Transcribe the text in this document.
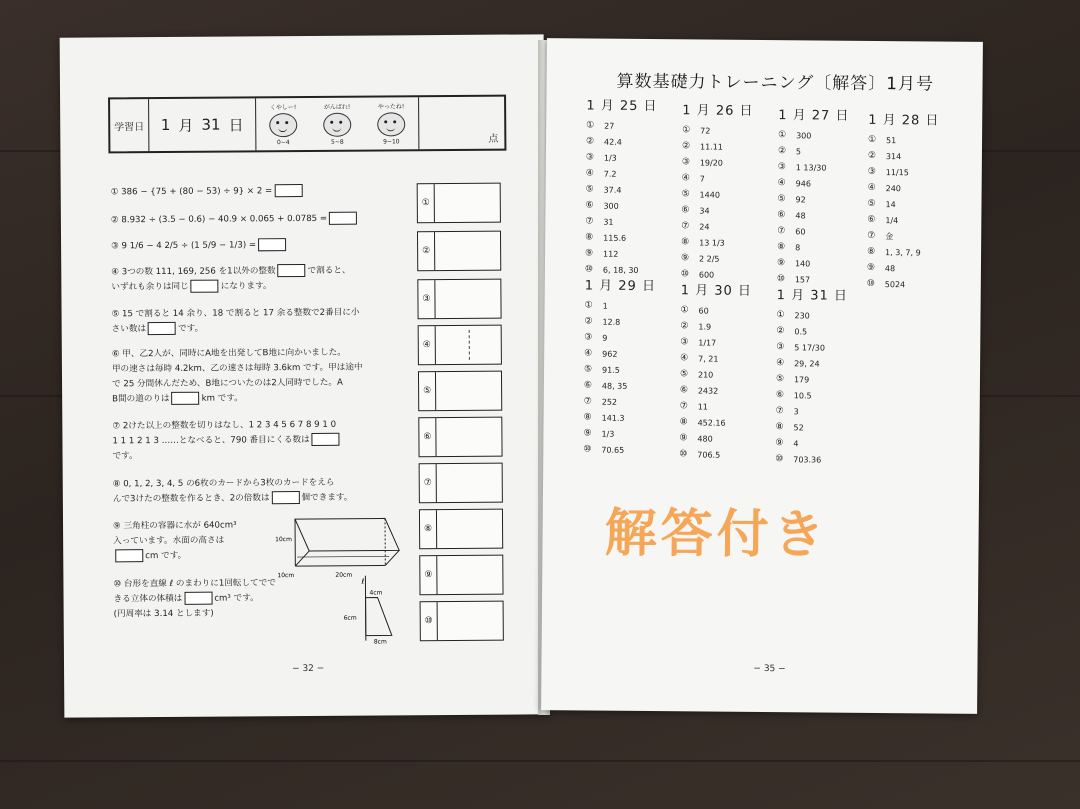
学習日	1 月 31 日
くやしー!
0~4
がんばれ!
5~8
やったね!
9~10	点
① 386 − {75 + (80 − 53) ÷ 9} × 2 =
② 8.932 ÷ (3.5 − 0.6) − 40.9 × 0.065 + 0.0785 =
③ 9 1/6 − 4 2/5 ÷ (1 5/9 − 1/3) =
④ 3つの数 111, 169, 256 を1以外の整数	で割ると、
いずれも余りは同じ	になります。
⑤ 15 で割ると 14 余り、18 で割ると 17 余る整数で2番目に小
さい数は	です。
⑥ 甲、乙2人が、同時にA地を出発してB地に向かいました。
甲の速さは毎時 4.2km、乙の速さは毎時 3.6km です。甲は途中
で 25 分間休んだため、B地についたのは2人同時でした。A
B間の道のりは	km です。
⑦ 2けた以上の整数を切りはなし、1 2 3 4 5 6 7 8 9 1 0
1 1 1 2 1 3 ……となべると、790 番目にくる数は
です。
⑧ 0, 1, 2, 3, 4, 5 の6枚のカードから3枚のカードをえら
んで3けたの整数を作るとき、2の倍数は	個できます。
⑨ 三角柱の容器に水が 640cm³
入っています。水面の高さは
cm です。
10cm
20cm
10cm
⑩ 台形を直線 ℓ のまわりに1回転してでで
きる立体の体積は	cm³ です。
(円周率は 3.14 とします)
ℓ
4cm
6cm
8cm
①
②
③
④
⑤
⑥
⑦
⑧
⑨
⑩
− 32 −
算数基礎力トレーニング〔解答〕1月号
1 月 25 日
①	27
②	42.4
③	1/3
④	7.2
⑤	37.4
⑥	300
⑦	31
⑧	115.6
⑨	112
⑩	6, 18, 30
1 月 26 日
①	72
②	11.11
③	19/20
④	7
⑤	1440
⑥	34
⑦	24
⑧	13 1/3
⑨	2 2/5
⑩	600
1 月 27 日
①	300
②	5
③	1 13/30
④	946
⑤	92
⑥	48
⑦	60
⑧	8
⑨	140
⑩	157
1 月 28 日
①	51
②	314
③	11/15
④	240
⑤	14
⑥	1/4
⑦	金
⑧	1, 3, 7, 9
⑨	48
⑩	5024
1 月 29 日
①	1
②	12.8
③	9
④	962
⑤	91.5
⑥	48, 35
⑦	252
⑧	141.3
⑨	1/3
⑩	70.65
1 月 30 日
①	60
②	1.9
③	1/17
④	7, 21
⑤	210
⑥	2432
⑦	11
⑧	452.16
⑨	480
⑩	706.5
1 月 31 日
①	230
②	0.5
③	5 17/30
④	29, 24
⑤	179
⑥	10.5
⑦	3
⑧	52
⑨	4
⑩	703.36
解答付き
− 35 −
